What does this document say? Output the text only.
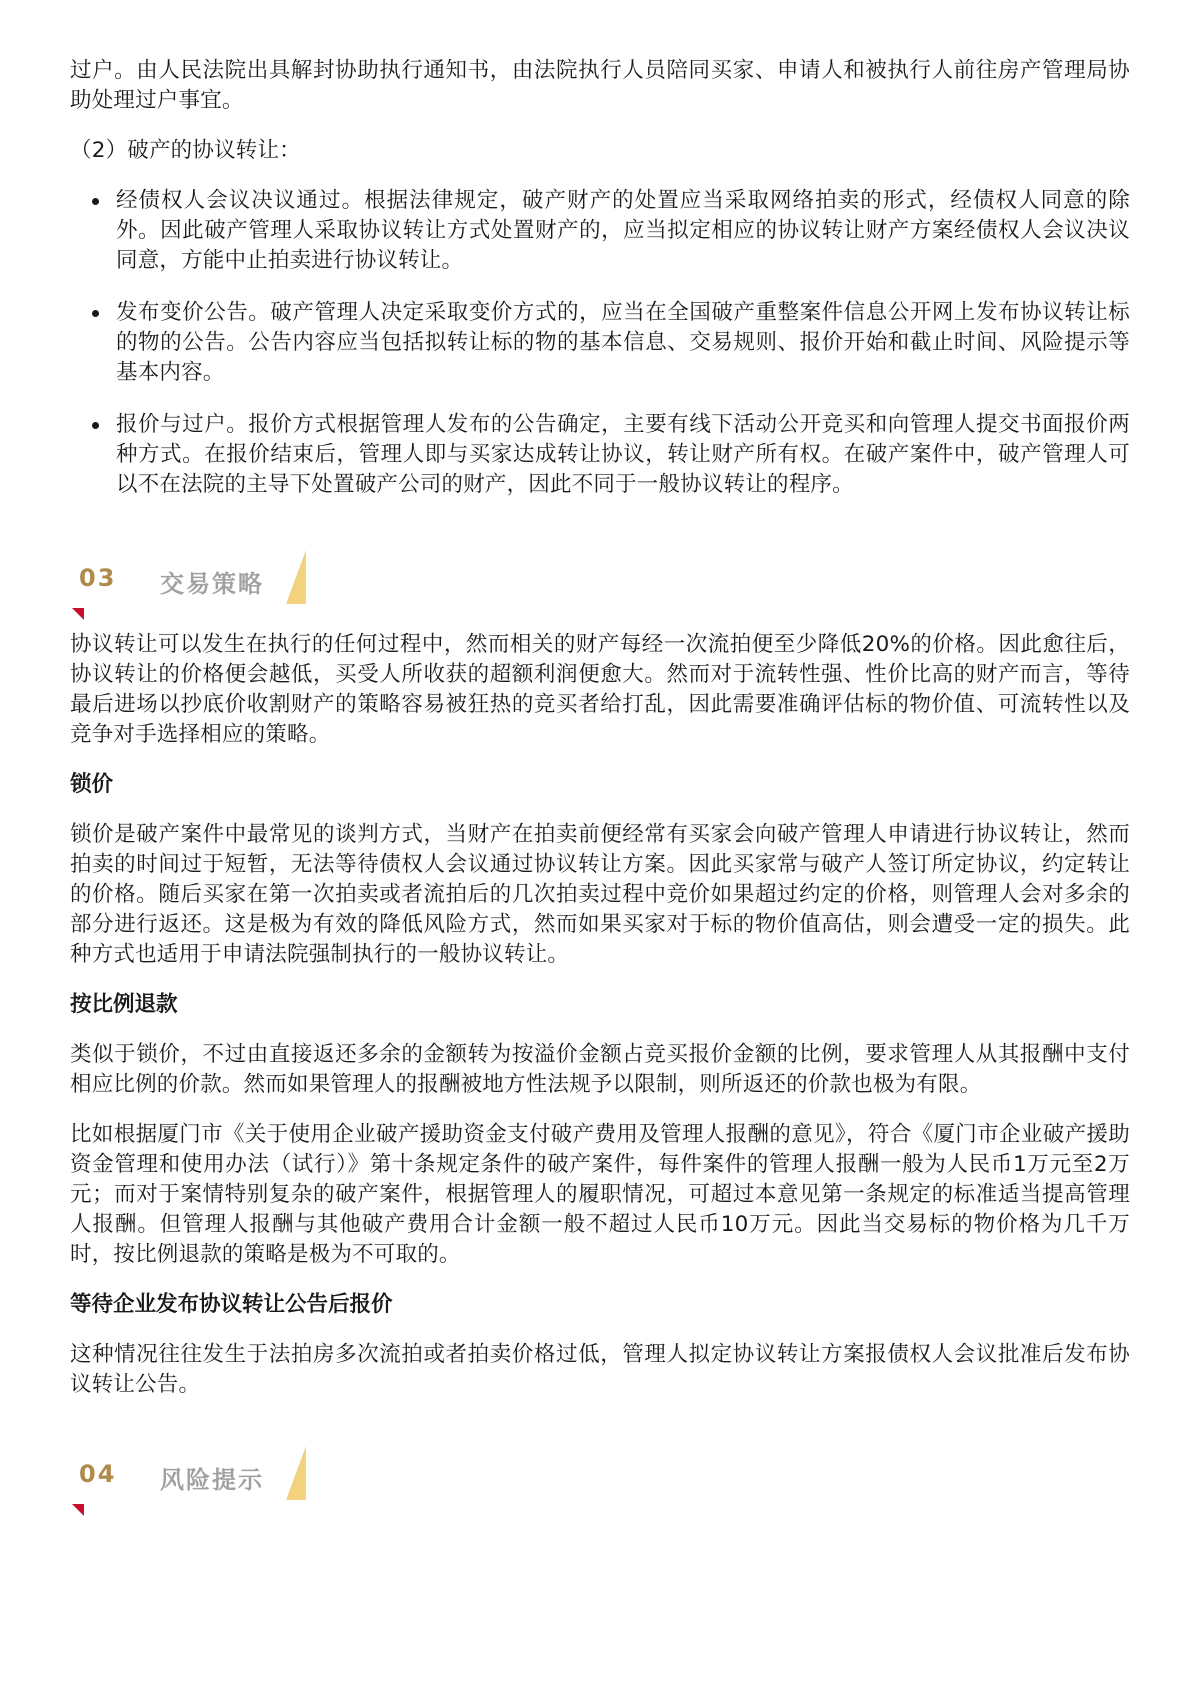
过户。由人民法院出具解封协助执行通知书，由法院执行人员陪同买家、申请人和被执行人前往房产管理局协助处理过户事宜。

（2）破产的协议转让：

经债权人会议决议通过。根据法律规定，破产财产的处置应当采取网络拍卖的形式，经债权人同意的除外。因此破产管理人采取协议转让方式处置财产的，应当拟定相应的协议转让财产方案经债权人会议决议同意，方能中止拍卖进行协议转让。

发布变价公告。破产管理人决定采取变价方式的，应当在全国破产重整案件信息公开网上发布协议转让标的物的公告。公告内容应当包括拟转让标的物的基本信息、交易规则、报价开始和截止时间、风险提示等基本内容。

报价与过户。报价方式根据管理人发布的公告确定，主要有线下活动公开竞买和向管理人提交书面报价两种方式。在报价结束后，管理人即与买家达成转让协议，转让财产所有权。在破产案件中，破产管理人可以不在法院的主导下处置破产公司的财产，因此不同于一般协议转让的程序。

03 交易策略

协议转让可以发生在执行的任何过程中，然而相关的财产每经一次流拍便至少降低20%的价格。因此愈往后，协议转让的价格便会越低，买受人所收获的超额利润便愈大。然而对于流转性强、性价比高的财产而言，等待最后进场以抄底价收割财产的策略容易被狂热的竞买者给打乱，因此需要准确评估标的物价值、可流转性以及竞争对手选择相应的策略。

锁价

锁价是破产案件中最常见的谈判方式，当财产在拍卖前便经常有买家会向破产管理人申请进行协议转让，然而拍卖的时间过于短暂，无法等待债权人会议通过协议转让方案。因此买家常与破产人签订所定协议，约定转让的价格。随后买家在第一次拍卖或者流拍后的几次拍卖过程中竞价如果超过约定的价格，则管理人会对多余的部分进行返还。这是极为有效的降低风险方式，然而如果买家对于标的物价值高估，则会遭受一定的损失。此种方式也适用于申请法院强制执行的一般协议转让。

按比例退款

类似于锁价，不过由直接返还多余的金额转为按溢价金额占竞买报价金额的比例，要求管理人从其报酬中支付相应比例的价款。然而如果管理人的报酬被地方性法规予以限制，则所返还的价款也极为有限。

比如根据厦门市《关于使用企业破产援助资金支付破产费用及管理人报酬的意见》，符合《厦门市企业破产援助资金管理和使用办法（试行）》第十条规定条件的破产案件，每件案件的管理人报酬一般为人民币1万元至2万元；而对于案情特别复杂的破产案件，根据管理人的履职情况，可超过本意见第一条规定的标准适当提高管理人报酬。但管理人报酬与其他破产费用合计金额一般不超过人民币10万元。因此当交易标的物价格为几千万时，按比例退款的策略是极为不可取的。

等待企业发布协议转让公告后报价

这种情况往往发生于法拍房多次流拍或者拍卖价格过低，管理人拟定协议转让方案报债权人会议批准后发布协议转让公告。

04 风险提示
